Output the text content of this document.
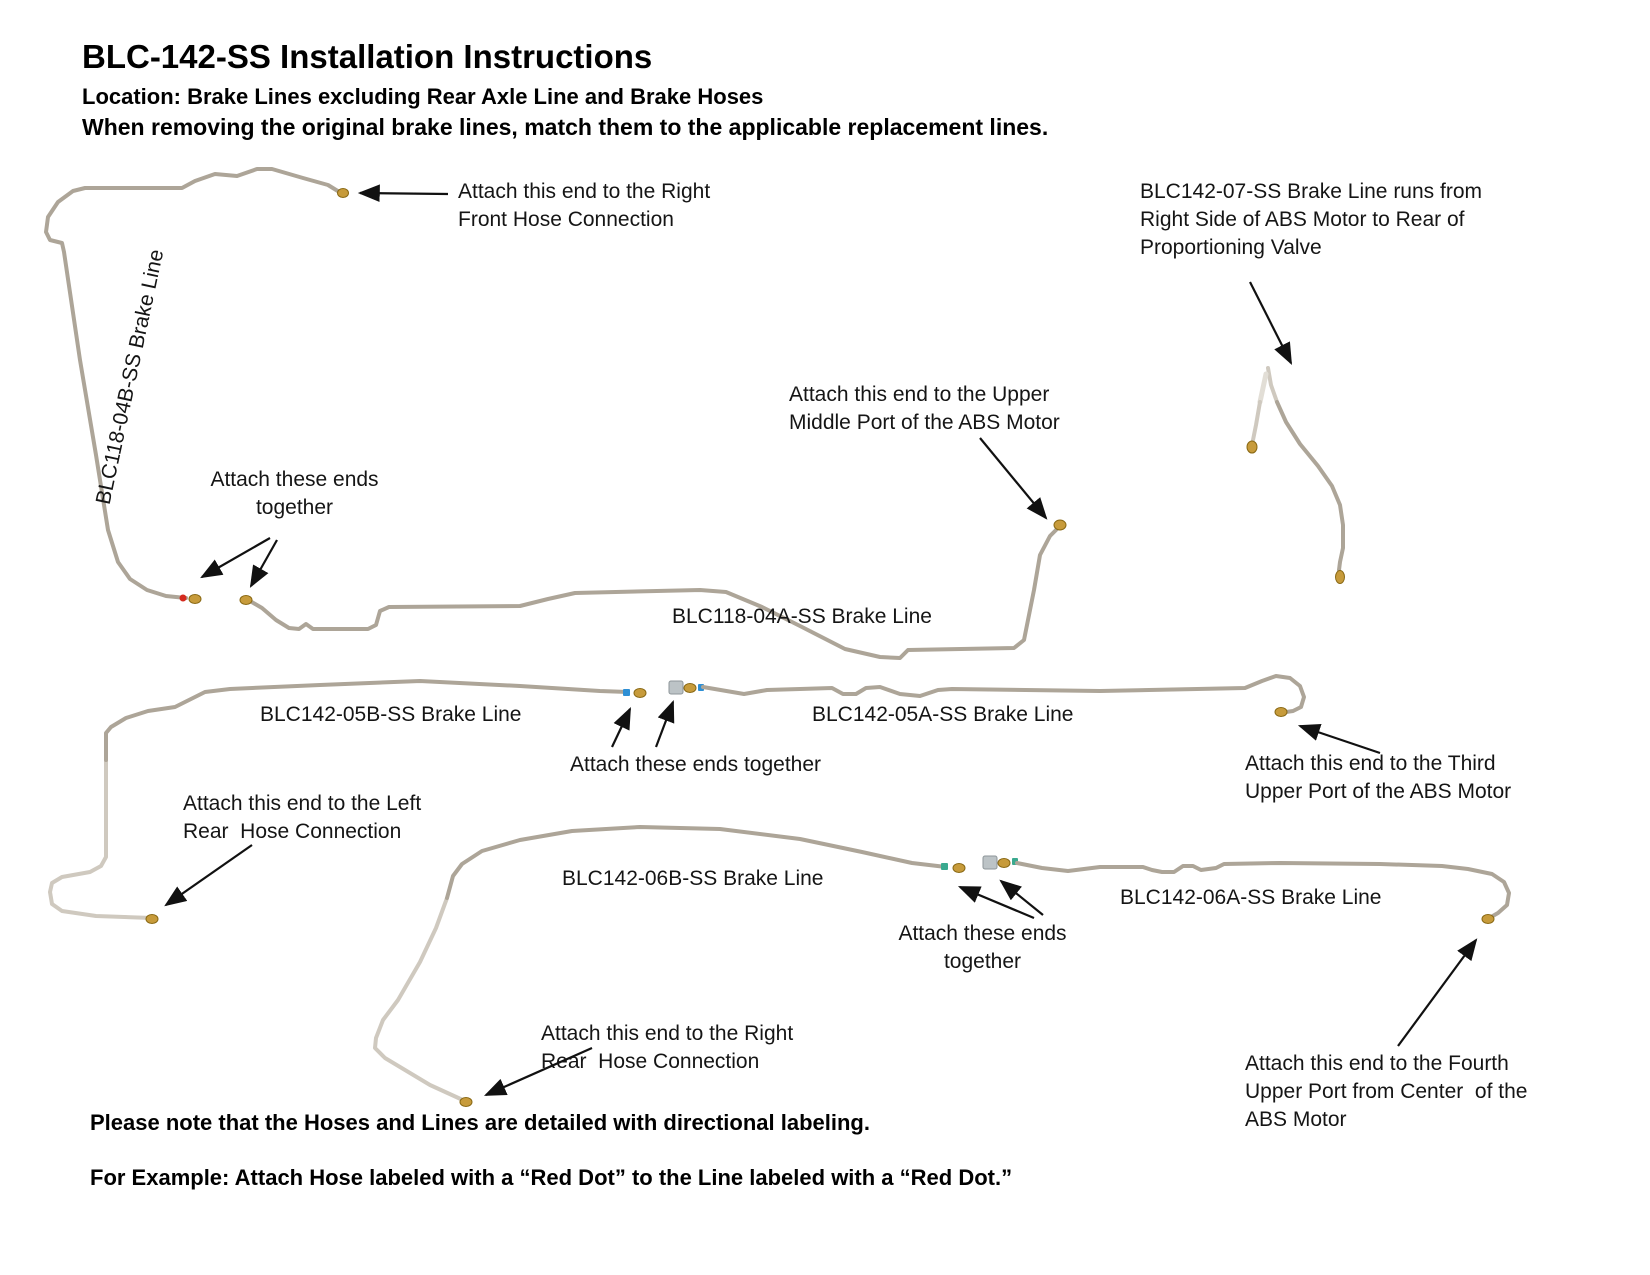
BLC-142-SS Installation Instructions
Location: Brake Lines excluding Rear Axle Line and Brake Hoses
When removing the original brake lines, match them to the applicable replacement lines.
BLC118-04B-SS Brake Line
BLC118-04A-SS Brake Line
BLC142-05B-SS Brake Line	BLC142-05A-SS Brake Line
BLC142-06B-SS Brake Line
BLC142-06A-SS Brake Line
Attach this end to the Right
Front Hose Connection
BLC142-07-SS Brake Line runs from
Right Side of ABS Motor to Rear of
Proportioning Valve
Attach these ends
together
Attach this end to the Upper
Middle Port of the ABS Motor
Attach these ends together	Attach this end to the Third
Upper Port of the ABS Motor
Attach this end to the Left
Rear  Hose Connection
Attach these ends
together
Attach this end to the Right
Rear  Hose Connection	Attach this end to the Fourth
Upper Port from Center  of the
ABS Motor
Please note that the Hoses and Lines are detailed with directional labeling.
For Example: Attach Hose labeled with a “Red Dot” to the Line labeled with a “Red Dot.”
